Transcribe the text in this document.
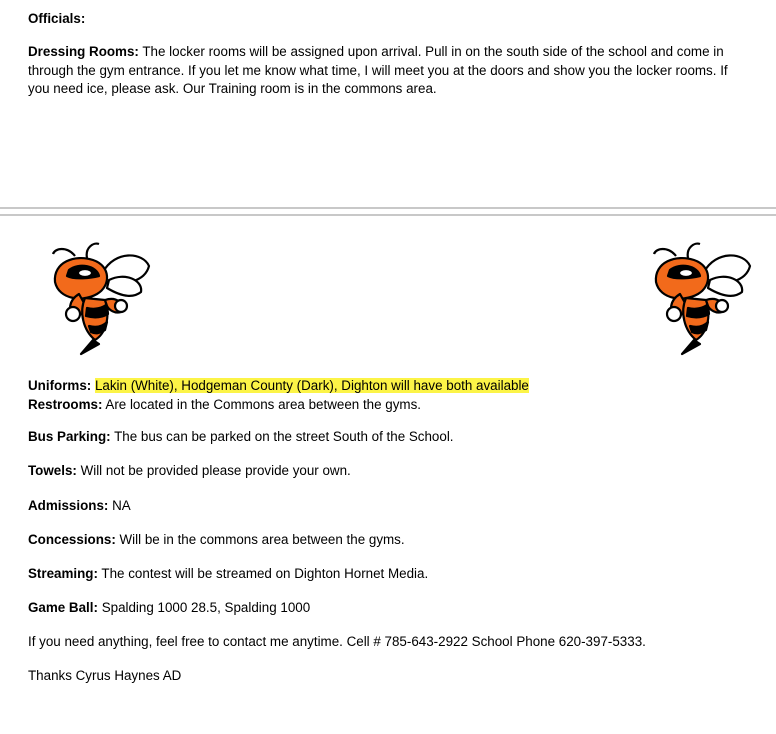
Officials:

Dressing Rooms: The locker rooms will be assigned upon arrival. Pull in on the south side of the school and come in

through the gym entrance. If you let me know what time, I will meet you at the doors and show you the locker rooms. If

you need ice, please ask. Our Training room is in the commons area.

Uniforms: Lakin (White), Hodgeman County (Dark), Dighton will have both available

Restrooms: Are located in the Commons area between the gyms.

Bus Parking: The bus can be parked on the street South of the School.

Towels: Will not be provided please provide your own.

Admissions: NA

Concessions: Will be in the commons area between the gyms.

Streaming: The contest will be streamed on Dighton Hornet Media.

Game Ball: Spalding 1000 28.5, Spalding 1000

If you need anything, feel free to contact me anytime. Cell # 785-643-2922 School Phone 620-397-5333.

Thanks Cyrus Haynes AD
